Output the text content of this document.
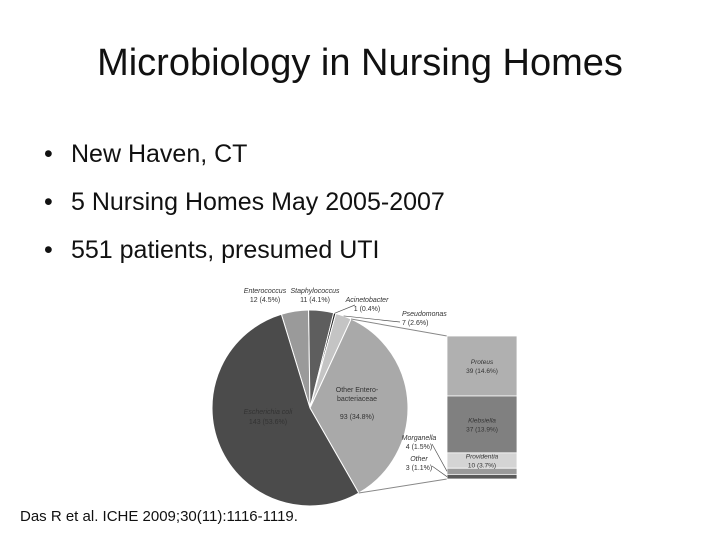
Microbiology in Nursing Homes
• New Haven, CT
• 5 Nursing Homes May 2005-2007
• 551 patients, presumed UTI
Enterococcus
12 (4.5%)
Staphylococcus
11 (4.1%) Acinetobacter
1 (0.4%)
Pseudomonas
7 (2.6%)
Other Entero-
bacteriaceae
93 (34.8%)
Escherichia coli
143 (53.6%)
Proteus
39 (14.6%)
Klebsiella
37 (13.9%)
Providentia
10 (3.7%)
Morganella
4 (1.5%)
Other
3 (1.1%)
Das R et al. ICHE 2009;30(11):1116-1119.
